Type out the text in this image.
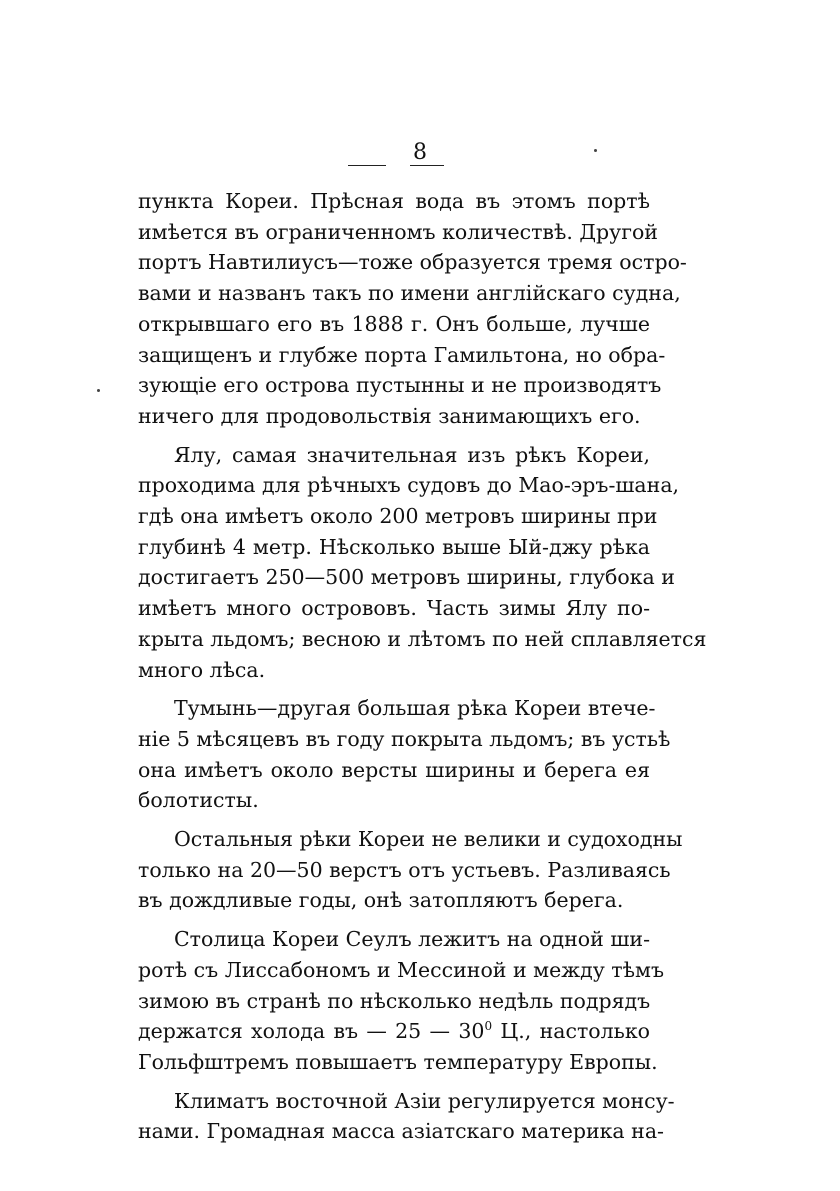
8
пункта Кореи. Прѣсная вода въ этомъ портѣ
имѣется въ ограниченномъ количествѣ. Другой
портъ Навтилиусъ—тоже образуется тремя остро-
вами и названъ такъ по имени англійскаго судна,
открывшаго его въ 1888 г. Онъ больше, лучше
защищенъ и глубже порта Гамильтона, но обра-
зующіе его острова пустынны и не производятъ
ничего для продовольствія занимающихъ его.
Ялу, самая значительная изъ рѣкъ Кореи,
проходима для рѣчныхъ судовъ до Мао-эръ-шана,
гдѣ она имѣетъ около 200 метровъ ширины при
глубинѣ 4 метр. Нѣсколько выше Ый-джу рѣка
достигаетъ 250—500 метровъ ширины, глубока и
имѣетъ много острововъ. Часть зимы Ялу по-
крыта льдомъ; весною и лѣтомъ по ней сплавляется
много лѣса.
Тумынь—другая большая рѣка Кореи втече-
ніе 5 мѣсяцевъ въ году покрыта льдомъ; въ устьѣ
она имѣетъ около версты ширины и берега ея
болотисты.
Остальныя рѣки Кореи не велики и судоходны
только на 20—50 верстъ отъ устьевъ. Разливаясь
въ дождливые годы, онѣ затопляютъ берега.
Столица Кореи Сеулъ лежитъ на одной ши-
ротѣ съ Лиссабономъ и Мессиной и между тѣмъ
зимою въ странѣ по нѣсколько недѣль подрядъ
держатся холода въ — 25 — $30^0$ Ц., настолько
Гольфштремъ повышаетъ температуру Европы.
Климатъ восточной Азіи регулируется монсу-
нами. Громадная масса азіатскаго материка на-
